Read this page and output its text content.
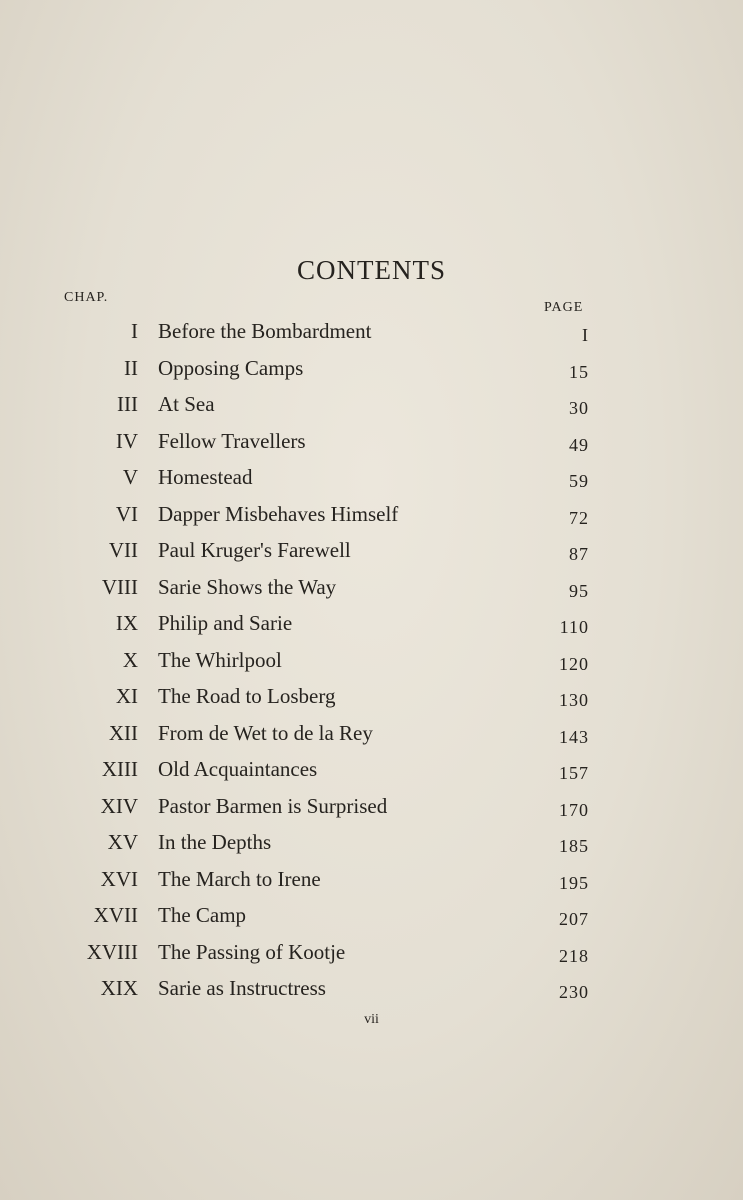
CONTENTS
CHAP.
PAGE
I Before the Bombardment	I
II Opposing Camps	15
III At Sea	30
IV Fellow Travellers	49
V Homestead	59
VI Dapper Misbehaves Himself	72
VII Paul Kruger's Farewell	87
VIII Sarie Shows the Way	95
IX Philip and Sarie	110
X The Whirlpool	120
XI The Road to Losberg	130
XII From de Wet to de la Rey	143
XIII Old Acquaintances	157
XIV Pastor Barmen is Surprised	170
XV In the Depths	185
XVI The March to Irene	195
XVII The Camp	207
XVIII The Passing of Kootje	218
XIX Sarie as Instructress	230
vii
